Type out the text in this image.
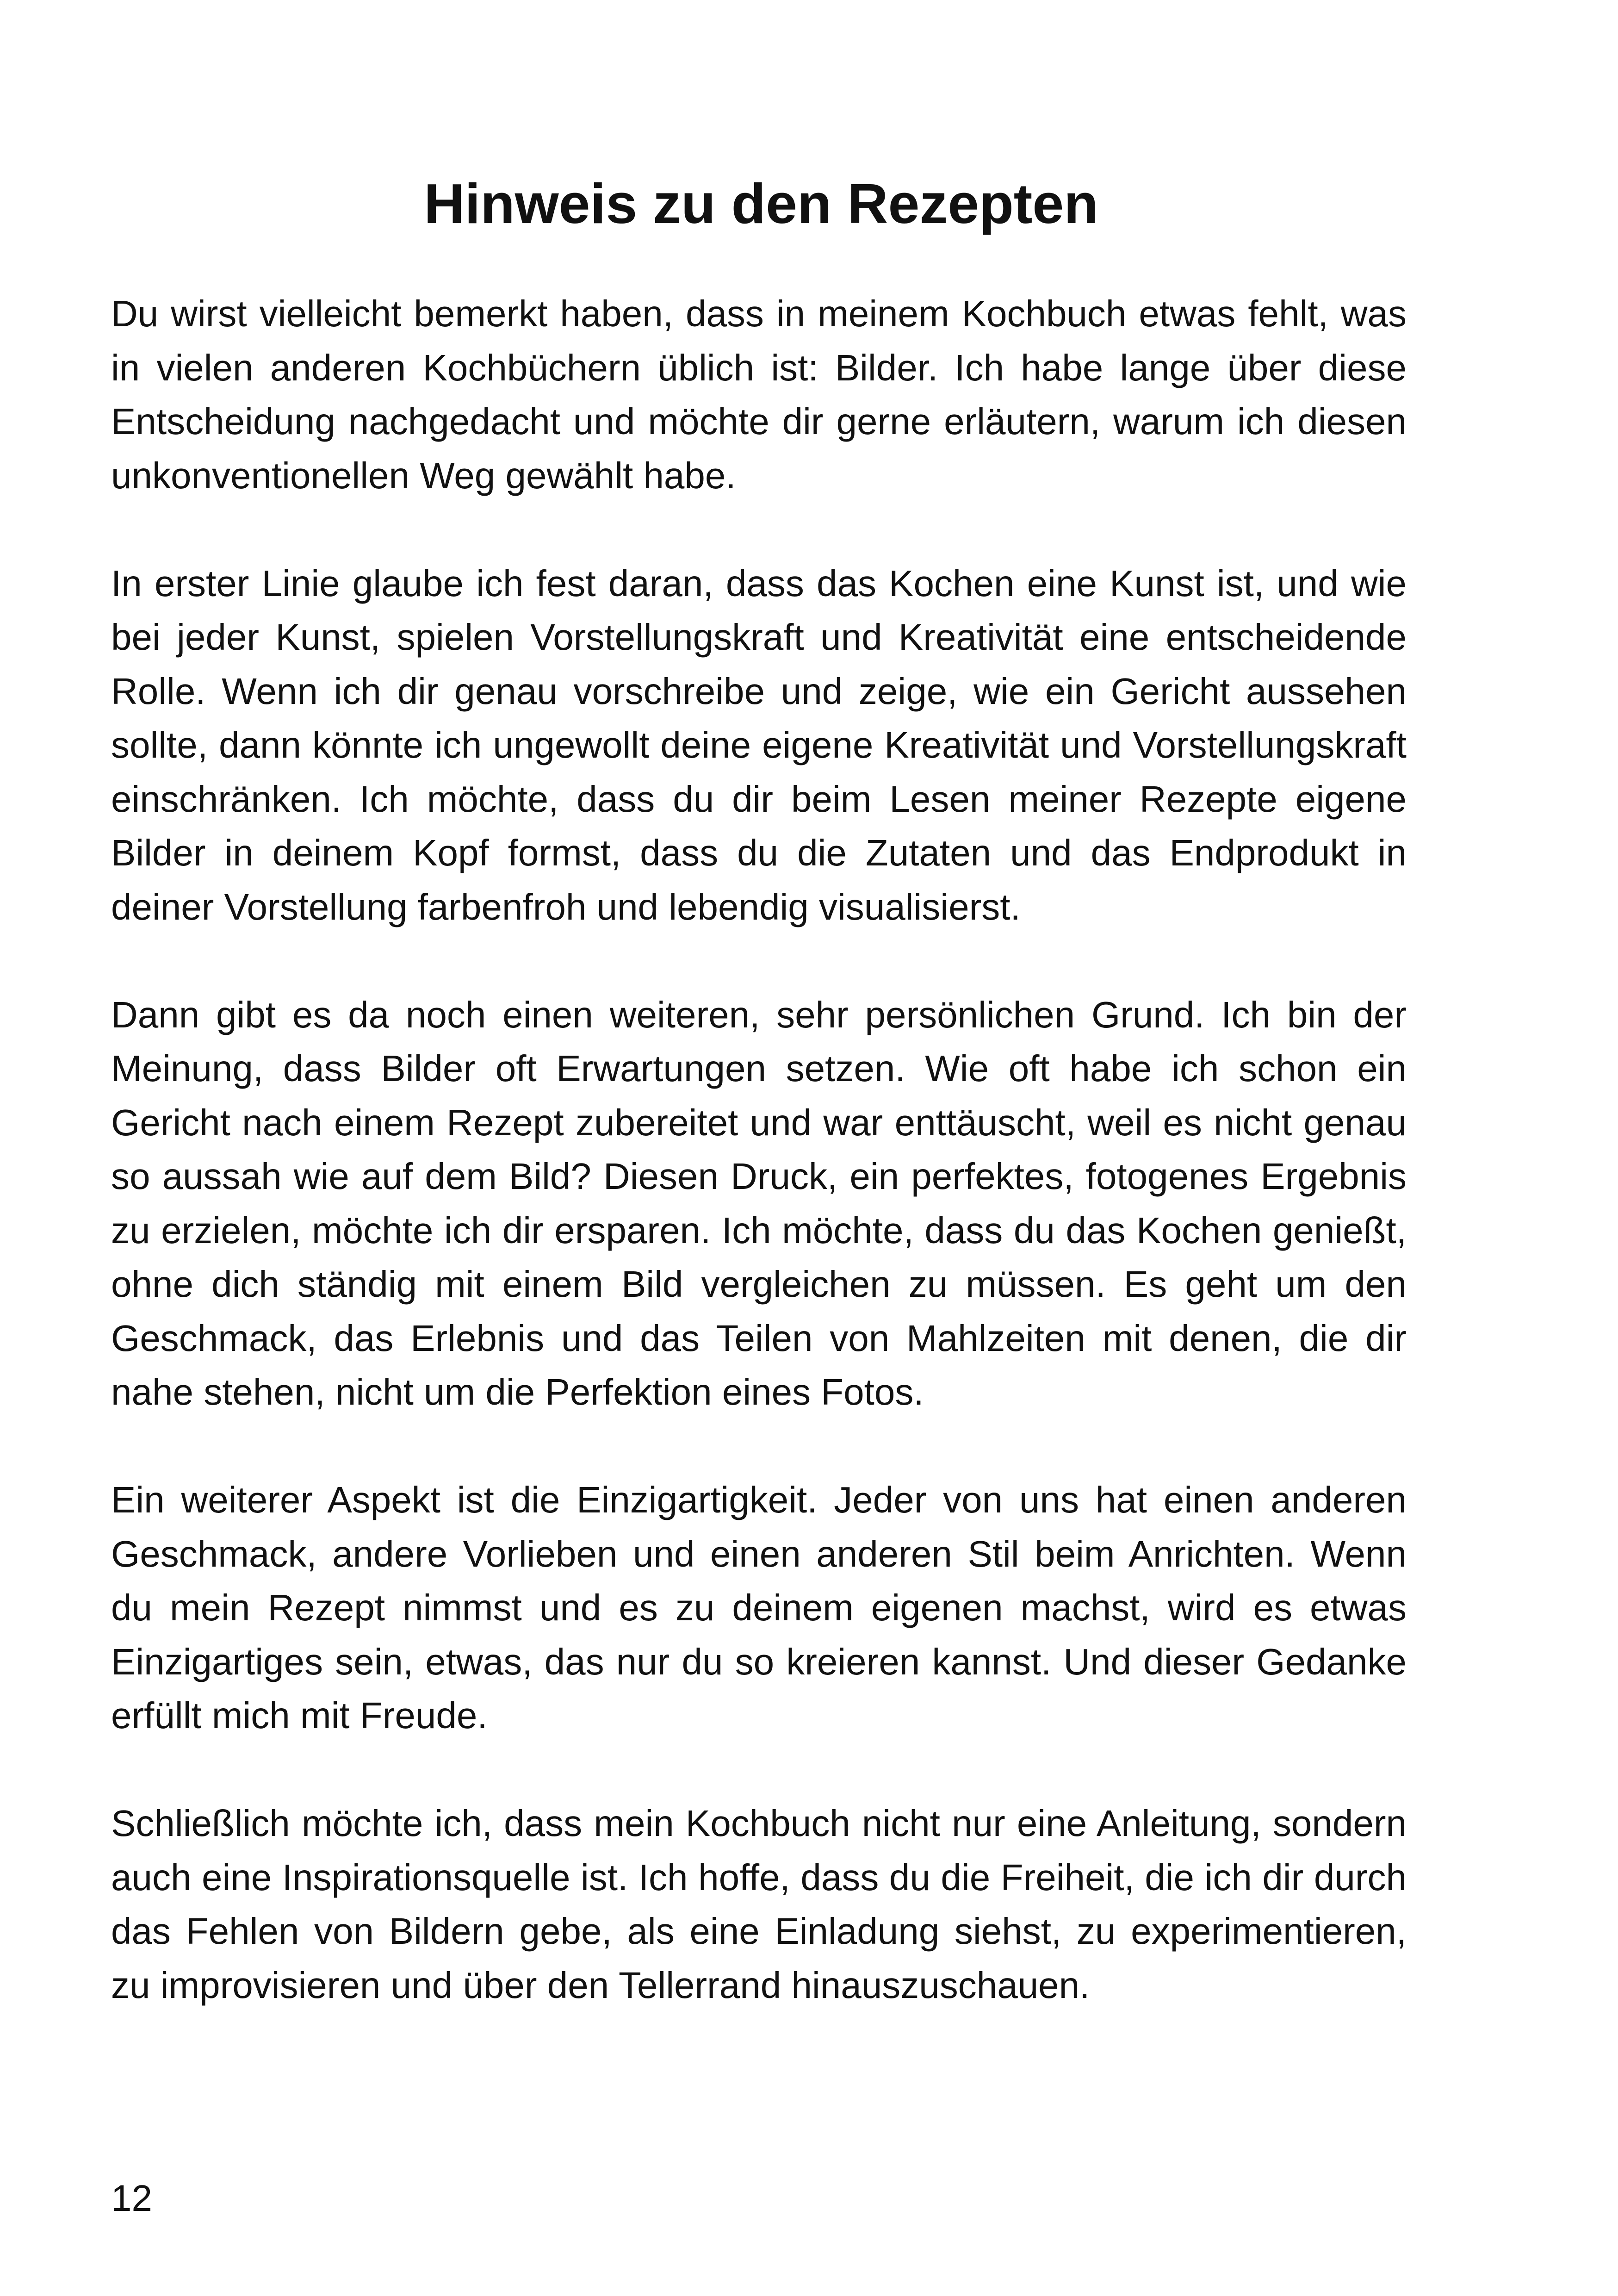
Hinweis zu den Rezepten

Du wirst vielleicht bemerkt haben, dass in meinem Kochbuch etwas fehlt, was in vielen anderen Kochbüchern üblich ist: Bilder. Ich habe lange über diese Entscheidung nachgedacht und möchte dir gerne erläutern, warum ich diesen unkonventionellen Weg gewählt habe.

In erster Linie glaube ich fest daran, dass das Kochen eine Kunst ist, und wie bei jeder Kunst, spielen Vorstellungskraft und Kreativität eine entscheidende Rolle. Wenn ich dir genau vorschreibe und zeige, wie ein Gericht aussehen sollte, dann könnte ich ungewollt deine eigene Kreativität und Vorstellungskraft einschränken. Ich möchte, dass du dir beim Lesen meiner Rezepte eigene Bilder in deinem Kopf formst, dass du die Zutaten und das Endprodukt in deiner Vorstellung farbenfroh und lebendig visualisierst.

Dann gibt es da noch einen weiteren, sehr persönlichen Grund. Ich bin der Meinung, dass Bilder oft Erwartungen setzen. Wie oft habe ich schon ein Gericht nach einem Rezept zubereitet und war enttäuscht, weil es nicht genau so aussah wie auf dem Bild? Diesen Druck, ein perfektes, fotogenes Ergebnis zu erzielen, möchte ich dir ersparen. Ich möchte, dass du das Kochen genießt, ohne dich ständig mit einem Bild vergleichen zu müssen. Es geht um den Geschmack, das Erlebnis und das Teilen von Mahlzeiten mit denen, die dir nahe stehen, nicht um die Perfektion eines Fotos.

Ein weiterer Aspekt ist die Einzigartigkeit. Jeder von uns hat einen anderen Geschmack, andere Vorlieben und einen anderen Stil beim Anrichten. Wenn du mein Rezept nimmst und es zu deinem eigenen machst, wird es etwas Einzigartiges sein, etwas, das nur du so kreieren kannst. Und dieser Gedanke erfüllt mich mit Freude.

Schließlich möchte ich, dass mein Kochbuch nicht nur eine Anleitung, sondern auch eine Inspirationsquelle ist. Ich hoffe, dass du die Freiheit, die ich dir durch das Fehlen von Bildern gebe, als eine Einladung siehst, zu experimentieren, zu improvisieren und über den Tellerrand hinauszuschauen.

12
